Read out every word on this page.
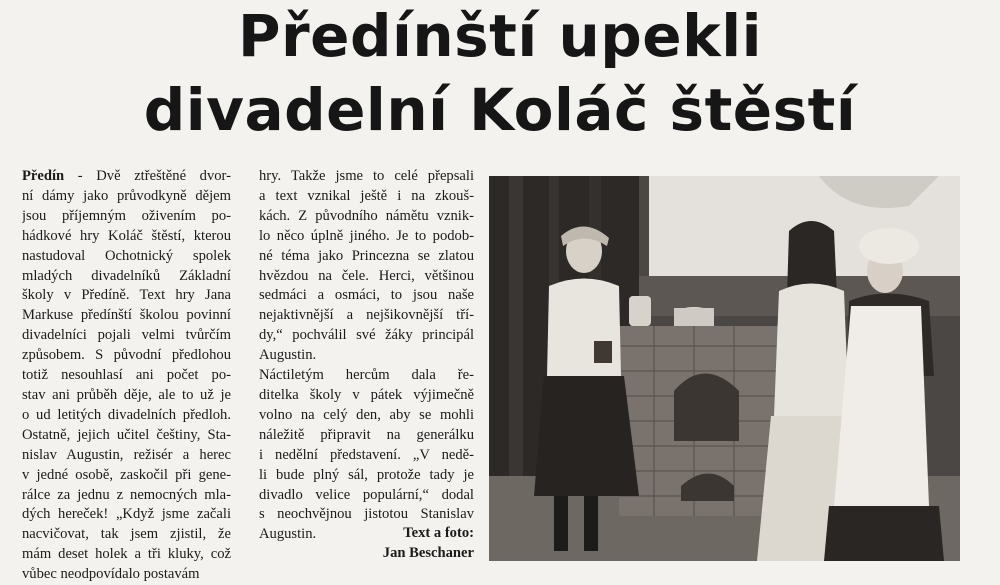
Předínští upekli
divadelní Koláč štěstí
Předín - Dvě ztřeštěné dvor-
ní dámy jako průvodkyně dějem
jsou příjemným oživením po-
hádkové hry Koláč štěstí, kterou
nastudoval Ochotnický spolek
mladých divadelníků Základní
školy v Předíně. Text hry Jana
Markuse předínští školou povinní
divadelníci pojali velmi tvůrčím
způsobem. S původní předlohou
totiž nesouhlasí ani počet po-
stav ani průběh děje, ale to už je
o ud letitých divadelních předloh.
Ostatně, jejich učitel češtiny, Sta-
nislav Augustin, režisér a herec
v jedné osobě, zaskočil při gene-
rálce za jednu z nemocných mla-
dých hereček! „Když jsme začali
nacvičovat, tak jsem zjistil, že
mám deset holek a tři kluky, což
vůbec neodpovídalo postavám
hry. Takže jsme to celé přepsali
a text vznikal ještě i na zkouš-
kách. Z původního námětu vznik-
lo něco úplně jiného. Je to podob-
né téma jako Princezna se zlatou
hvězdou na čele. Herci, většinou
sedmáci a osmáci, to jsou naše
nejaktivnější a nejšikovnější tří-
dy,“ pochválil své žáky principál
Augustin.
Náctiletým hercům dala ře-
ditelka školy v pátek výjimečně
volno na celý den, aby se mohli
náležitě připravit na generálku
i nedělní představení. „V nedě-
li bude plný sál, protože tady je
divadlo velice populární,“ dodal
s neochvějnou jistotou Stanislav
Augustin.	Text a foto:
Jan Beschaner
